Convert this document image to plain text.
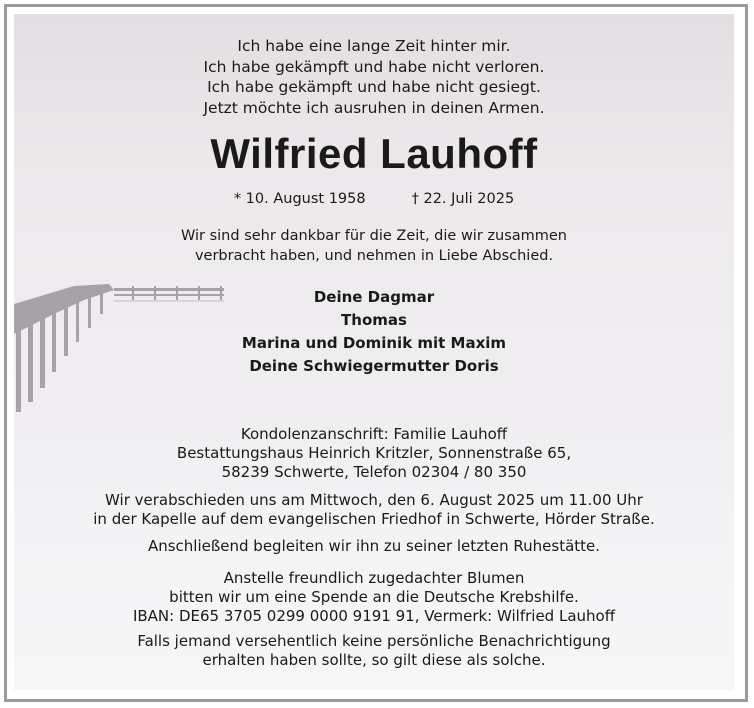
Ich habe eine lange Zeit hinter mir.
Ich habe gekämpft und habe nicht verloren.
Ich habe gekämpft und habe nicht gesiegt.
Jetzt möchte ich ausruhen in deinen Armen.
Wilfried Lauhoff
* 10. August 1958	† 22. Juli 2025
Wir sind sehr dankbar für die Zeit, die wir zusammen
verbracht haben, und nehmen in Liebe Abschied.
Deine Dagmar
Thomas
Marina und Dominik mit Maxim
Deine Schwiegermutter Doris
Kondolenzanschrift: Familie Lauhoff
Bestattungshaus Heinrich Kritzler, Sonnenstraße 65,
58239 Schwerte, Telefon 02304 / 80 350
Wir verabschieden uns am Mittwoch, den 6. August 2025 um 11.00 Uhr
in der Kapelle auf dem evangelischen Friedhof in Schwerte, Hörder Straße.
Anschließend begleiten wir ihn zu seiner letzten Ruhestätte.
Anstelle freundlich zugedachter Blumen
bitten wir um eine Spende an die Deutsche Krebshilfe.
IBAN: DE65 3705 0299 0000 9191 91, Vermerk: Wilfried Lauhoff
Falls jemand versehentlich keine persönliche Benachrichtigung
erhalten haben sollte, so gilt diese als solche.
